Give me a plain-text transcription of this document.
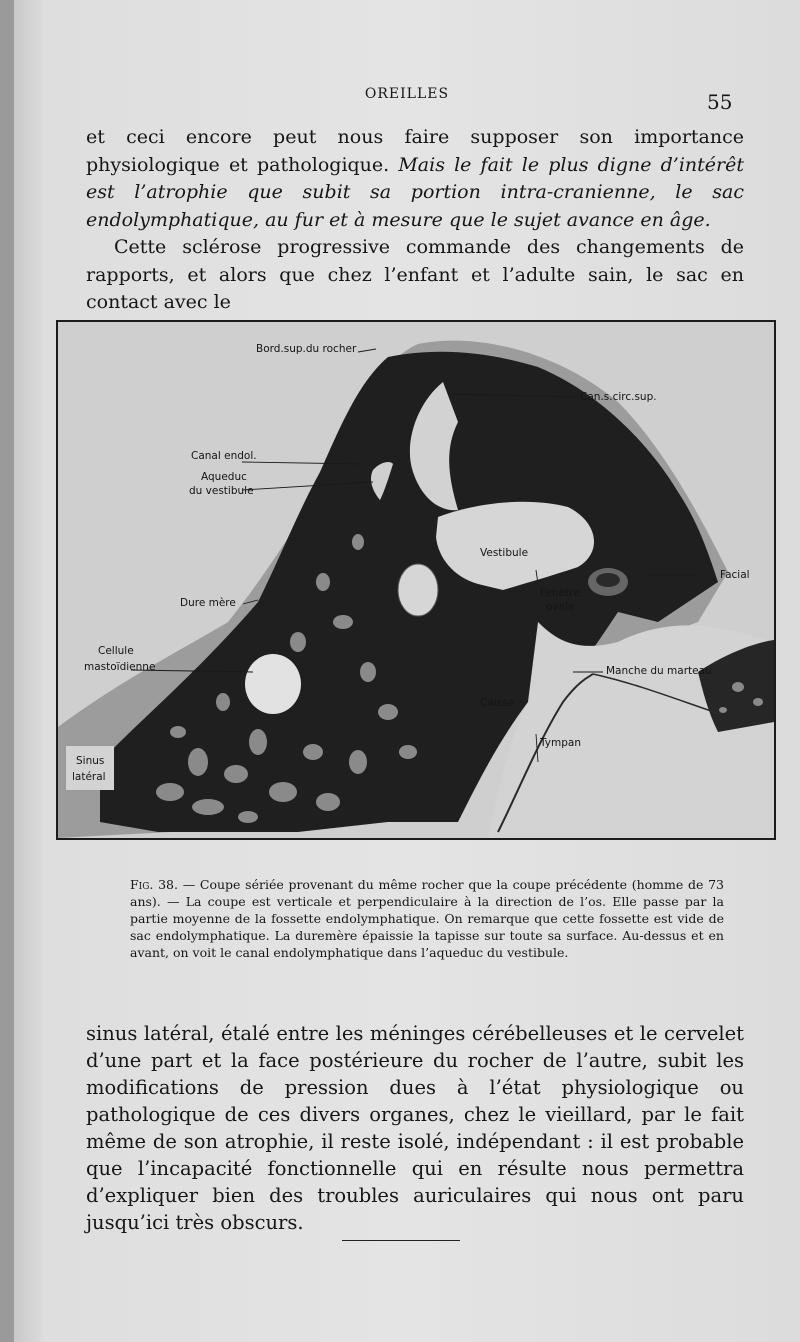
OREILLES	55

et ceci encore peut nous faire supposer son importance physiologique et pathologique. Mais le fait le plus digne d’intérêt est l’atrophie que subit sa portion intra-cranienne, le sac endolymphatique, au fur et à mesure que le sujet avance en âge.

Cette sclérose progressive commande des changements de rapports, et alors que chez l’enfant et l’adulte sain, le sac en contact avec le

Bord.sup.du rocher
Can.s.circ.sup.
Canal endol.
Aqueduc
du vestibule
Vestibule
Facial
Fenetre
ovale
Dure mère
Cellule
mastoïdienne	Manche du marteau
Caisse
Tympan
Sinus
latéral
Fig. 38. — Coupe sériée provenant du même rocher que la coupe précédente (homme de 73 ans). — La coupe est verticale et perpendiculaire à la direction de l’os. Elle passe par la partie moyenne de la fossette endolymphatique. On remarque que cette fossette est vide de sac endolymphatique. La duremère épaissie la tapisse sur toute sa surface. Au-dessus et en avant, on voit le canal endolymphatique dans l’aqueduc du vestibule.

sinus latéral, étalé entre les méninges cérébelleuses et le cervelet d’une part et la face postérieure du rocher de l’autre, subit les modifications de pression dues à l’état physiologique ou pathologique de ces divers organes, chez le vieillard, par le fait même de son atrophie, il reste isolé, indépendant : il est probable que l’incapacité fonctionnelle qui en résulte nous permettra d’expliquer bien des troubles auriculaires qui nous ont paru jusqu’ici très obscurs.
